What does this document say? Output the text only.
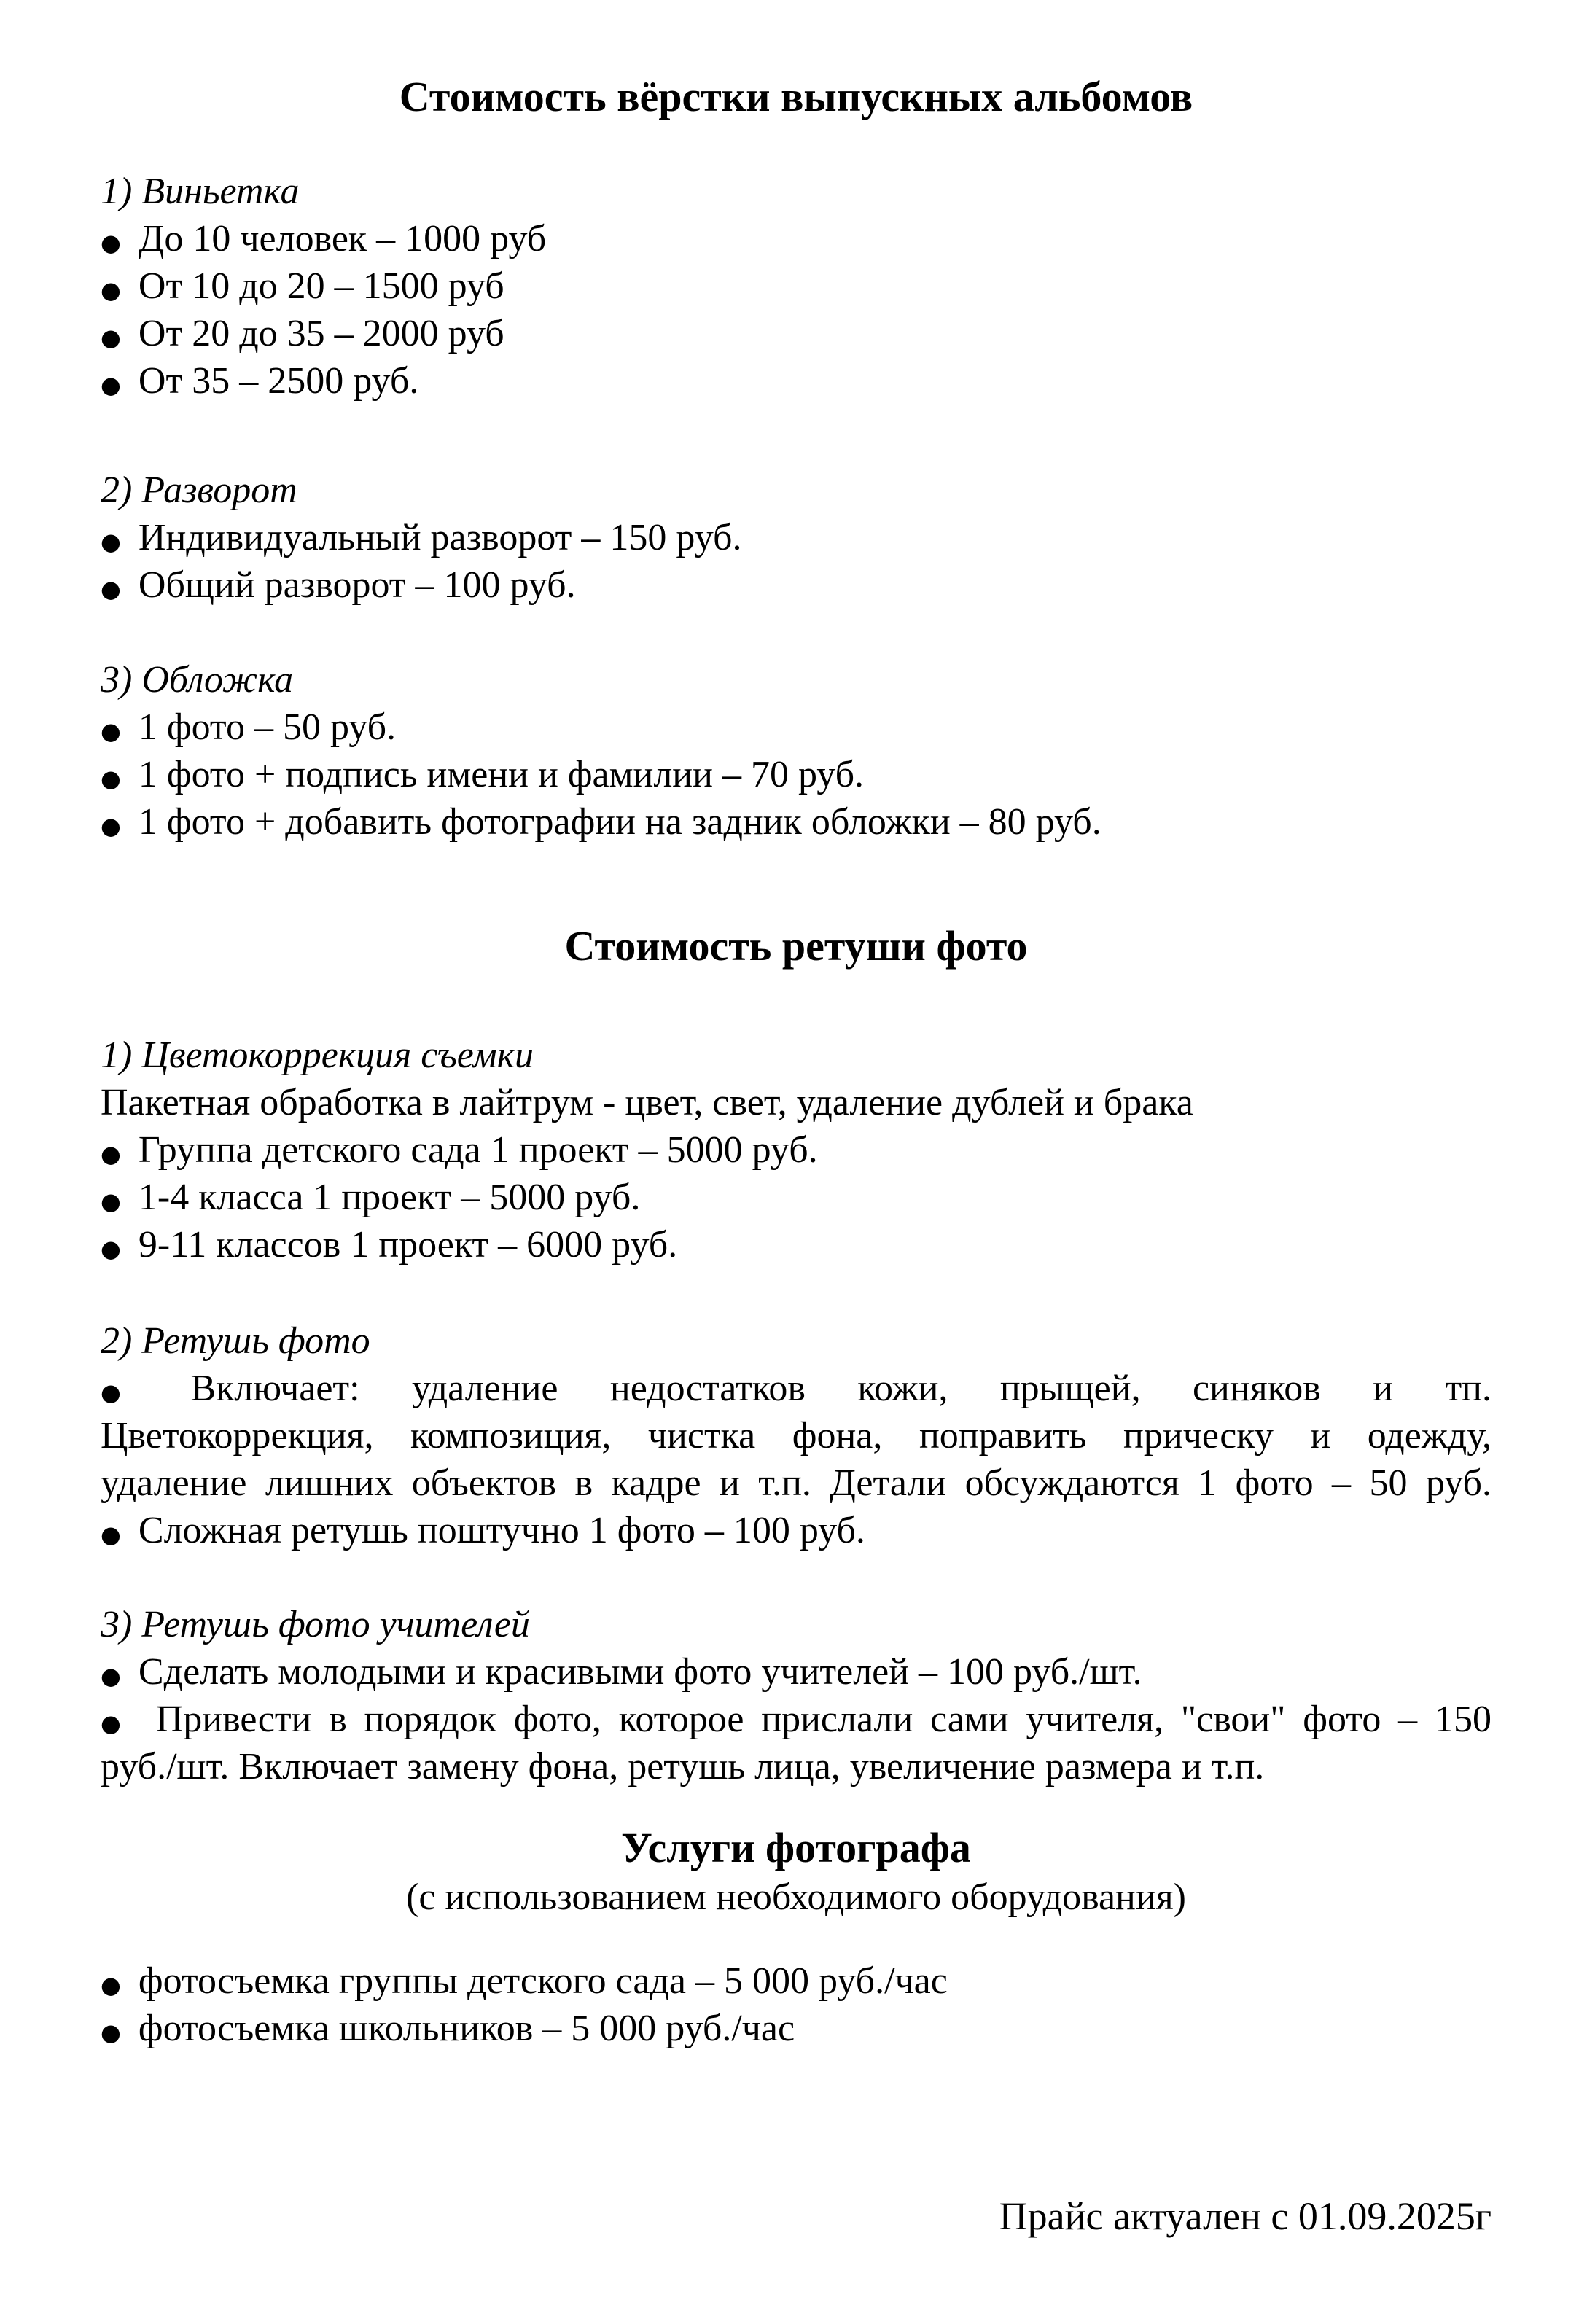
Стоимость вёрстки выпускных альбомов
1) Виньетка
● До 10 человек – 1000 руб
● От 10 до 20 – 1500 руб
● От 20 до 35 – 2000 руб
● От 35 – 2500 руб.
2) Разворот
● Индивидуальный разворот – 150 руб.
● Общий разворот – 100 руб.
3) Обложка
● 1 фото – 50 руб.
● 1 фото + подпись имени и фамилии – 70 руб.
● 1 фото + добавить фотографии на задник обложки – 80 руб.
Стоимость ретуши фото
1) Цветокоррекция съемки
Пакетная обработка в лайтрум - цвет, свет, удаление дублей и брака
● Группа детского сада 1 проект – 5000 руб.
● 1-4 класса 1 проект – 5000 руб.
● 9-11 классов 1 проект – 6000 руб.
2) Ретушь фото
● Включает: удаление недостатков кожи, прыщей, синяков и тп.
Цветокоррекция, композиция, чистка фона, поправить прическу и одежду,
удаление лишних объектов в кадре и т.п. Детали обсуждаются 1 фото – 50 руб.
● Сложная ретушь поштучно 1 фото – 100 руб.
3) Ретушь фото учителей
● Сделать молодыми и красивыми фото учителей – 100 руб./шт.
● Привести в порядок фото, которое прислали сами учителя, "свои" фото – 150
руб./шт. Включает замену фона, ретушь лица, увеличение размера и т.п.
Услуги фотографа
(с использованием необходимого оборудования)
● фотосъемка группы детского сада – 5 000 руб./час
● фотосъемка школьников – 5 000 руб./час
Прайс актуален с 01.09.2025г
